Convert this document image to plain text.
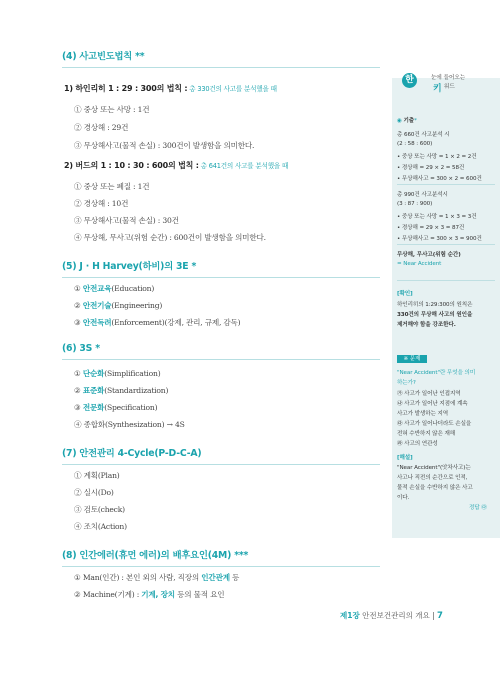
(4) 사고빈도법칙 **

1) 하인리히 1 : 29 : 300의 법칙 : 총 330건의 사고를 분석했을 때

① 중상 또는 사망 : 1건
② 경상해 : 29건
③ 무상해사고(물적 손실) : 300건이 발생함을 의미한다.

2) 버드의 1 : 10 : 30 : 600의 법칙 : 총 641건의 사고를 분석했을 때

① 중상 또는 폐질 : 1건
② 경상해 : 10건
③ 무상해사고(물적 손실) : 30건
④ 무상해, 무사고(위험 순간) : 600건이 발생함을 의미한다.

(5) J · H Harvey(하비)의 3E *

① 안전교육(Education)
② 안전기술(Engineering)
③ 안전독려(Enforcement)(강제, 관리, 규제, 감독)

(6) 3S *

① 단순화(Simplification)
② 표준화(Standardization)
③ 전문화(Specification)
④ 종합화(Synthesization) → 4S

(7) 안전관리 4-Cycle(P-D-C-A)

① 계획(Plan)
② 실시(Do)
③ 검토(check)
④ 조치(Action)

(8) 인간에러(휴먼 에러)의 배후요인(4M) ***

① Man(인간) : 본인 외의 사람, 직장의 인간관계 등
② Machine(기계) : 기계, 장치 등의 물적 요인
한	눈에 들어오는
키 워드
◉ 기출*
총 660건 사고분석 시
(2 : 58 : 600)
• 중상 또는 사망 = 1 × 2 = 2건
• 경상해 = 29 × 2 = 58건
• 무상해사고 = 300 × 2 = 600건
총 990건 사고분석시
(3 : 87 : 900)
• 중상 또는 사망 = 1 × 3 = 3건
• 경상해 = 29 × 3 = 87건
• 무상해사고 = 300 × 3 = 900건
무상해, 무사고(위험 순간)
= Near Accident
[확인]
하인리히의 1:29:300의 원칙은
330건의 무상해 사고의 원인을
제거해야 함을 강조한다.
※ 문제
"Near Accident"란 무엇을 의미
하는가?
㉮ 사고가 일어난 인접지역
㉯ 사고가 일어난 지점에 계속
사고가 발생하는 지역
㉰ 사고가 일어나더라도 손실을
전혀 수반하지 않은 재해
㉱ 사고의 연관성
[해설]
"Near Accident"(앗차사고)는
사고나 직전의 순간으로 인적,
물적 손실을 수반하지 않은 사고
이다.
정답 ㉰
제1장 안전보건관리의 개요 | 7
